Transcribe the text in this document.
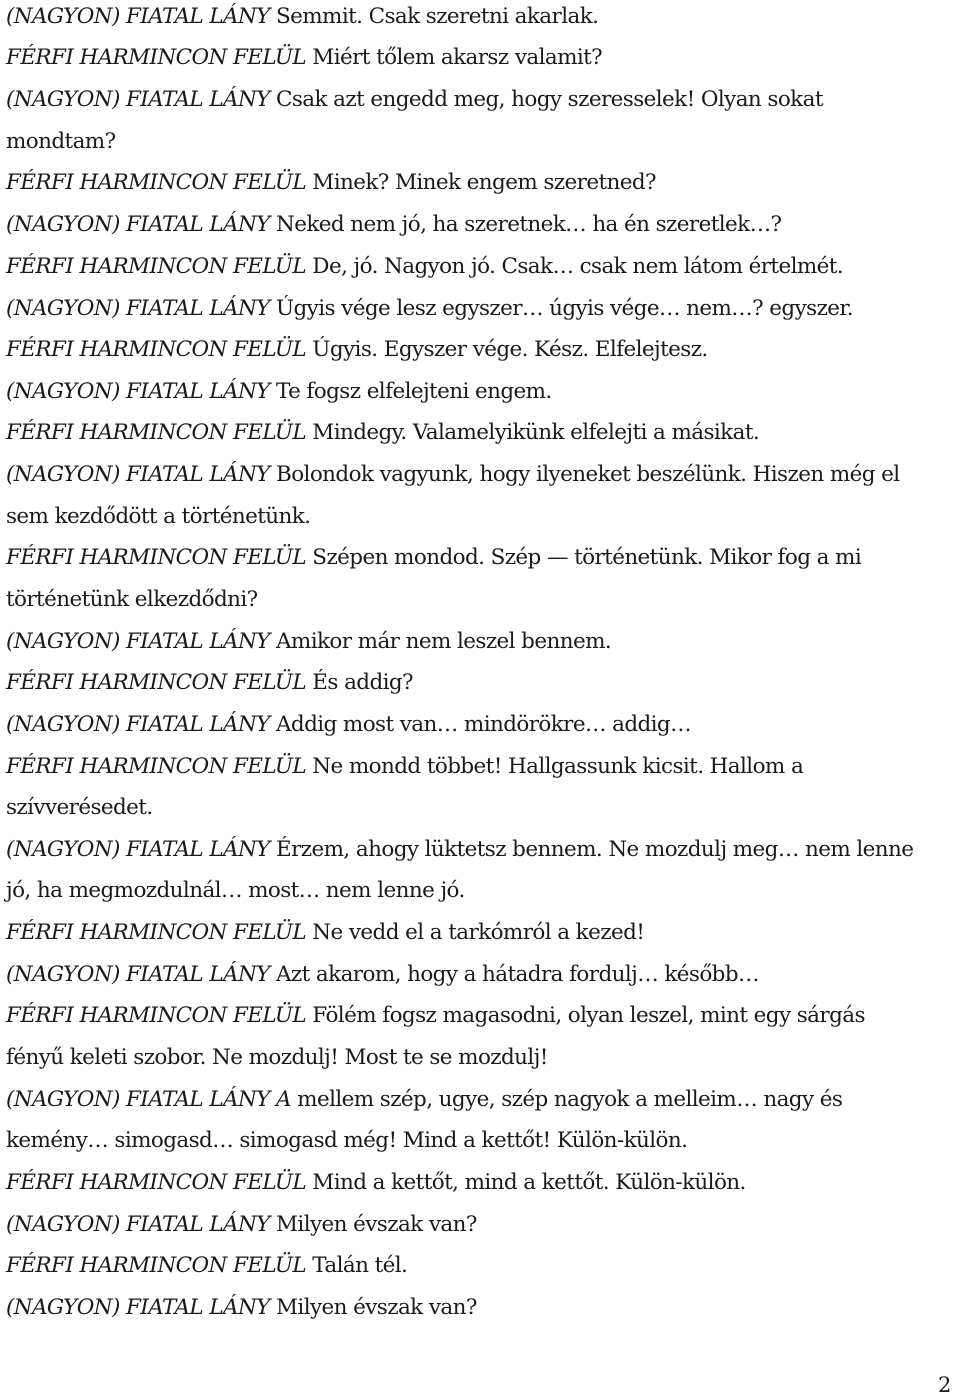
(NAGYON) FIATAL LÁNY Semmit. Csak szeretni akarlak.
FÉRFI HARMINCON FELÜL Miért tőlem akarsz valamit?
(NAGYON) FIATAL LÁNY Csak azt engedd meg, hogy szeresselek! Olyan sokat
mondtam?
FÉRFI HARMINCON FELÜL Minek? Minek engem szeretned?
(NAGYON) FIATAL LÁNY Neked nem jó, ha szeretnek… ha én szeretlek…?
FÉRFI HARMINCON FELÜL De, jó. Nagyon jó. Csak… csak nem látom értelmét.
(NAGYON) FIATAL LÁNY Úgyis vége lesz egyszer… úgyis vége… nem…? egyszer.
FÉRFI HARMINCON FELÜL Úgyis. Egyszer vége. Kész. Elfelejtesz.
(NAGYON) FIATAL LÁNY Te fogsz elfelejteni engem.
FÉRFI HARMINCON FELÜL Mindegy. Valamelyikünk elfelejti a másikat.
(NAGYON) FIATAL LÁNY Bolondok vagyunk, hogy ilyeneket beszélünk. Hiszen még el
sem kezdődött a történetünk.
FÉRFI HARMINCON FELÜL Szépen mondod. Szép — történetünk. Mikor fog a mi
történetünk elkezdődni?
(NAGYON) FIATAL LÁNY Amikor már nem leszel bennem.
FÉRFI HARMINCON FELÜL És addig?
(NAGYON) FIATAL LÁNY Addig most van… mindörökre… addig…
FÉRFI HARMINCON FELÜL Ne mondd többet! Hallgassunk kicsit. Hallom a
szívverésedet.
(NAGYON) FIATAL LÁNY Érzem, ahogy lüktetsz bennem. Ne mozdulj meg… nem lenne
jó, ha megmozdulnál… most… nem lenne jó.
FÉRFI HARMINCON FELÜL Ne vedd el a tarkómról a kezed!
(NAGYON) FIATAL LÁNY Azt akarom, hogy a hátadra fordulj… később…
FÉRFI HARMINCON FELÜL Fölém fogsz magasodni, olyan leszel, mint egy sárgás
fényű keleti szobor. Ne mozdulj! Most te se mozdulj!
(NAGYON) FIATAL LÁNY A mellem szép, ugye, szép nagyok a melleim… nagy és
kemény… simogasd… simogasd még! Mind a kettőt! Külön-külön.
FÉRFI HARMINCON FELÜL Mind a kettőt, mind a kettőt. Külön-külön.
(NAGYON) FIATAL LÁNY Milyen évszak van?
FÉRFI HARMINCON FELÜL Talán tél.
(NAGYON) FIATAL LÁNY Milyen évszak van?
2
